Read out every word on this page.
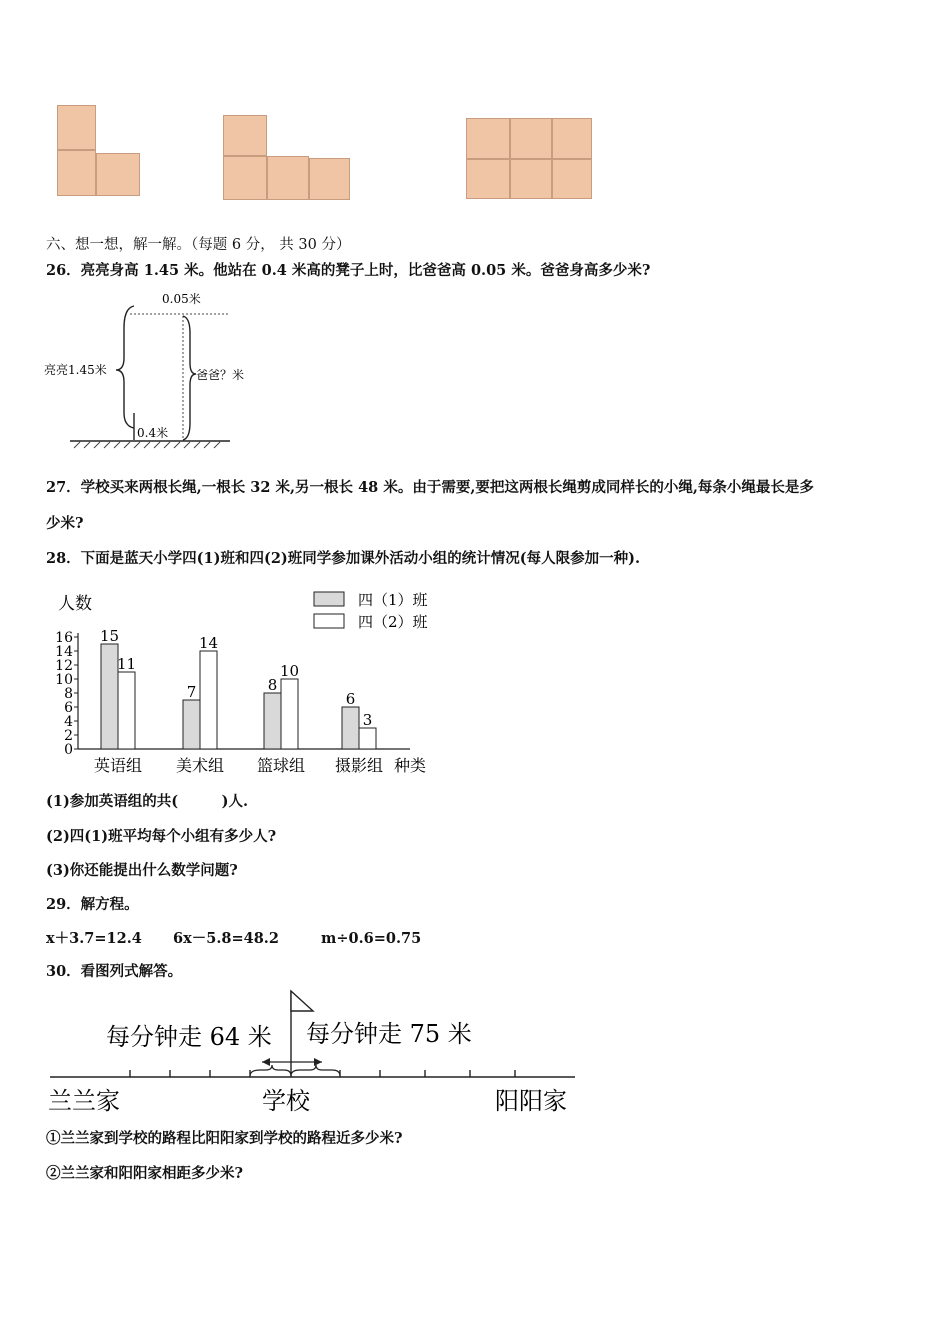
六、想一想，解一解。（每题 6 分， 共 30 分）
26．亮亮身高 1.45 米。他站在 0.4 米高的凳子上时，比爸爸高 0.05 米。爸爸身高多少米?
0.05米
亮亮1.45米	爸爸？米
0.4米
27．学校买来两根长绳,一根长 32 米,另一根长 48 米。由于需要,要把这两根长绳剪成同样长的小绳,每条小绳最长是多
少米?
28．下面是蓝天小学四(1)班和四(2)班同学参加课外活动小组的统计情况(每人限参加一种).
人数
种类
四（1）班
四（2）班
0
2
4
6
8
10
12
14
16 15
11
英语组
7
14
美术组
8
10
篮球组
6
3
摄影组
(1)参加英语组的共(　　　)人.
(2)四(1)班平均每个小组有多少人?
(3)你还能提出什么数学问题?
29．解方程。
x＋3.7=12.4 6x－5.8=48.2	m÷0.6=0.75
30．看图列式解答。
每分钟走 64 米 每分钟走 75 米
兰兰家	学校	阳阳家
①兰兰家到学校的路程比阳阳家到学校的路程近多少米?
②兰兰家和阳阳家相距多少米?
